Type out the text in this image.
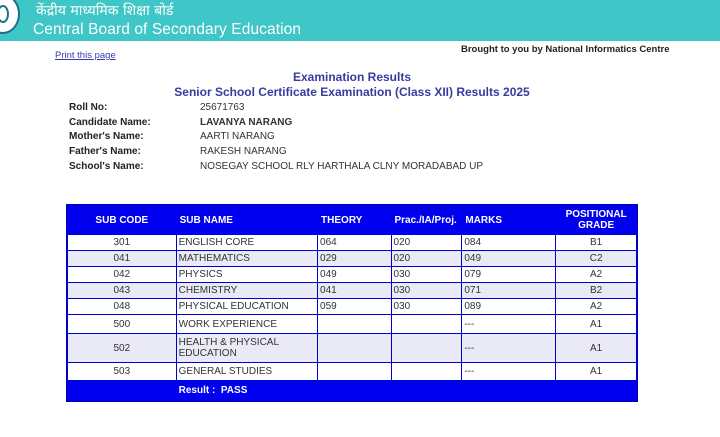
केंद्रीय माध्यमिक शिक्षा बोर्ड
Central Board of Secondary Education
Brought to you by National Informatics Centre
Print this page
Examination Results
Senior School Certificate Examination (Class XII) Results 2025
Roll No:	25671763
Candidate Name:	LAVANYA NARANG
Mother's Name:	AARTI NARANG
Father's Name:	RAKESH NARANG
School's Name:	NOSEGAY SCHOOL RLY HARTHALA CLNY MORADABAD UP
SUB CODE	SUB NAME	THEORY	Prac./IA/Proj.	MARKS	POSITIONAL GRADE
301	ENGLISH CORE	064	020	084	B1
041	MATHEMATICS	029	020	049	C2
042	PHYSICS	049	030	079	A2
043	CHEMISTRY	041	030	071	B2
048	PHYSICAL EDUCATION	059	030	089	A2
500	WORK EXPERIENCE			---	A1
502	HEALTH & PHYSICAL EDUCATION			---	A1
503	GENERAL STUDIES			---	A1
	Result : PASS				
